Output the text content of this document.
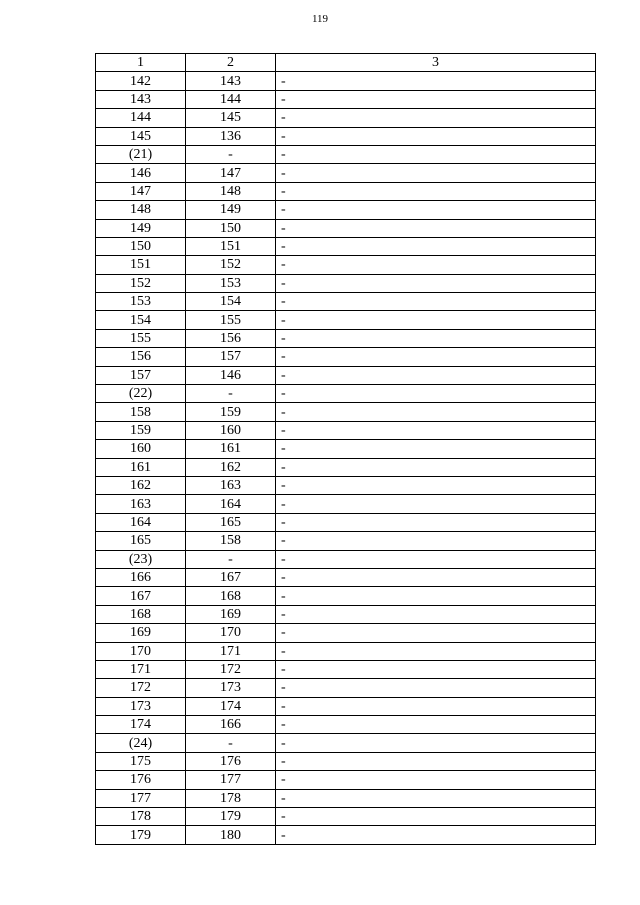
119
1	2	3
142	143	-
143	144	-
144	145	-
145	136	-
(21)	-	-
146	147	-
147	148	-
148	149	-
149	150	-
150	151	-
151	152	-
152	153	-
153	154	-
154	155	-
155	156	-
156	157	-
157	146	-
(22)	-	-
158	159	-
159	160	-
160	161	-
161	162	-
162	163	-
163	164	-
164	165	-
165	158	-
(23)	-	-
166	167	-
167	168	-
168	169	-
169	170	-
170	171	-
171	172	-
172	173	-
173	174	-
174	166	-
(24)	-	-
175	176	-
176	177	-
177	178	-
178	179	-
179	180	-
